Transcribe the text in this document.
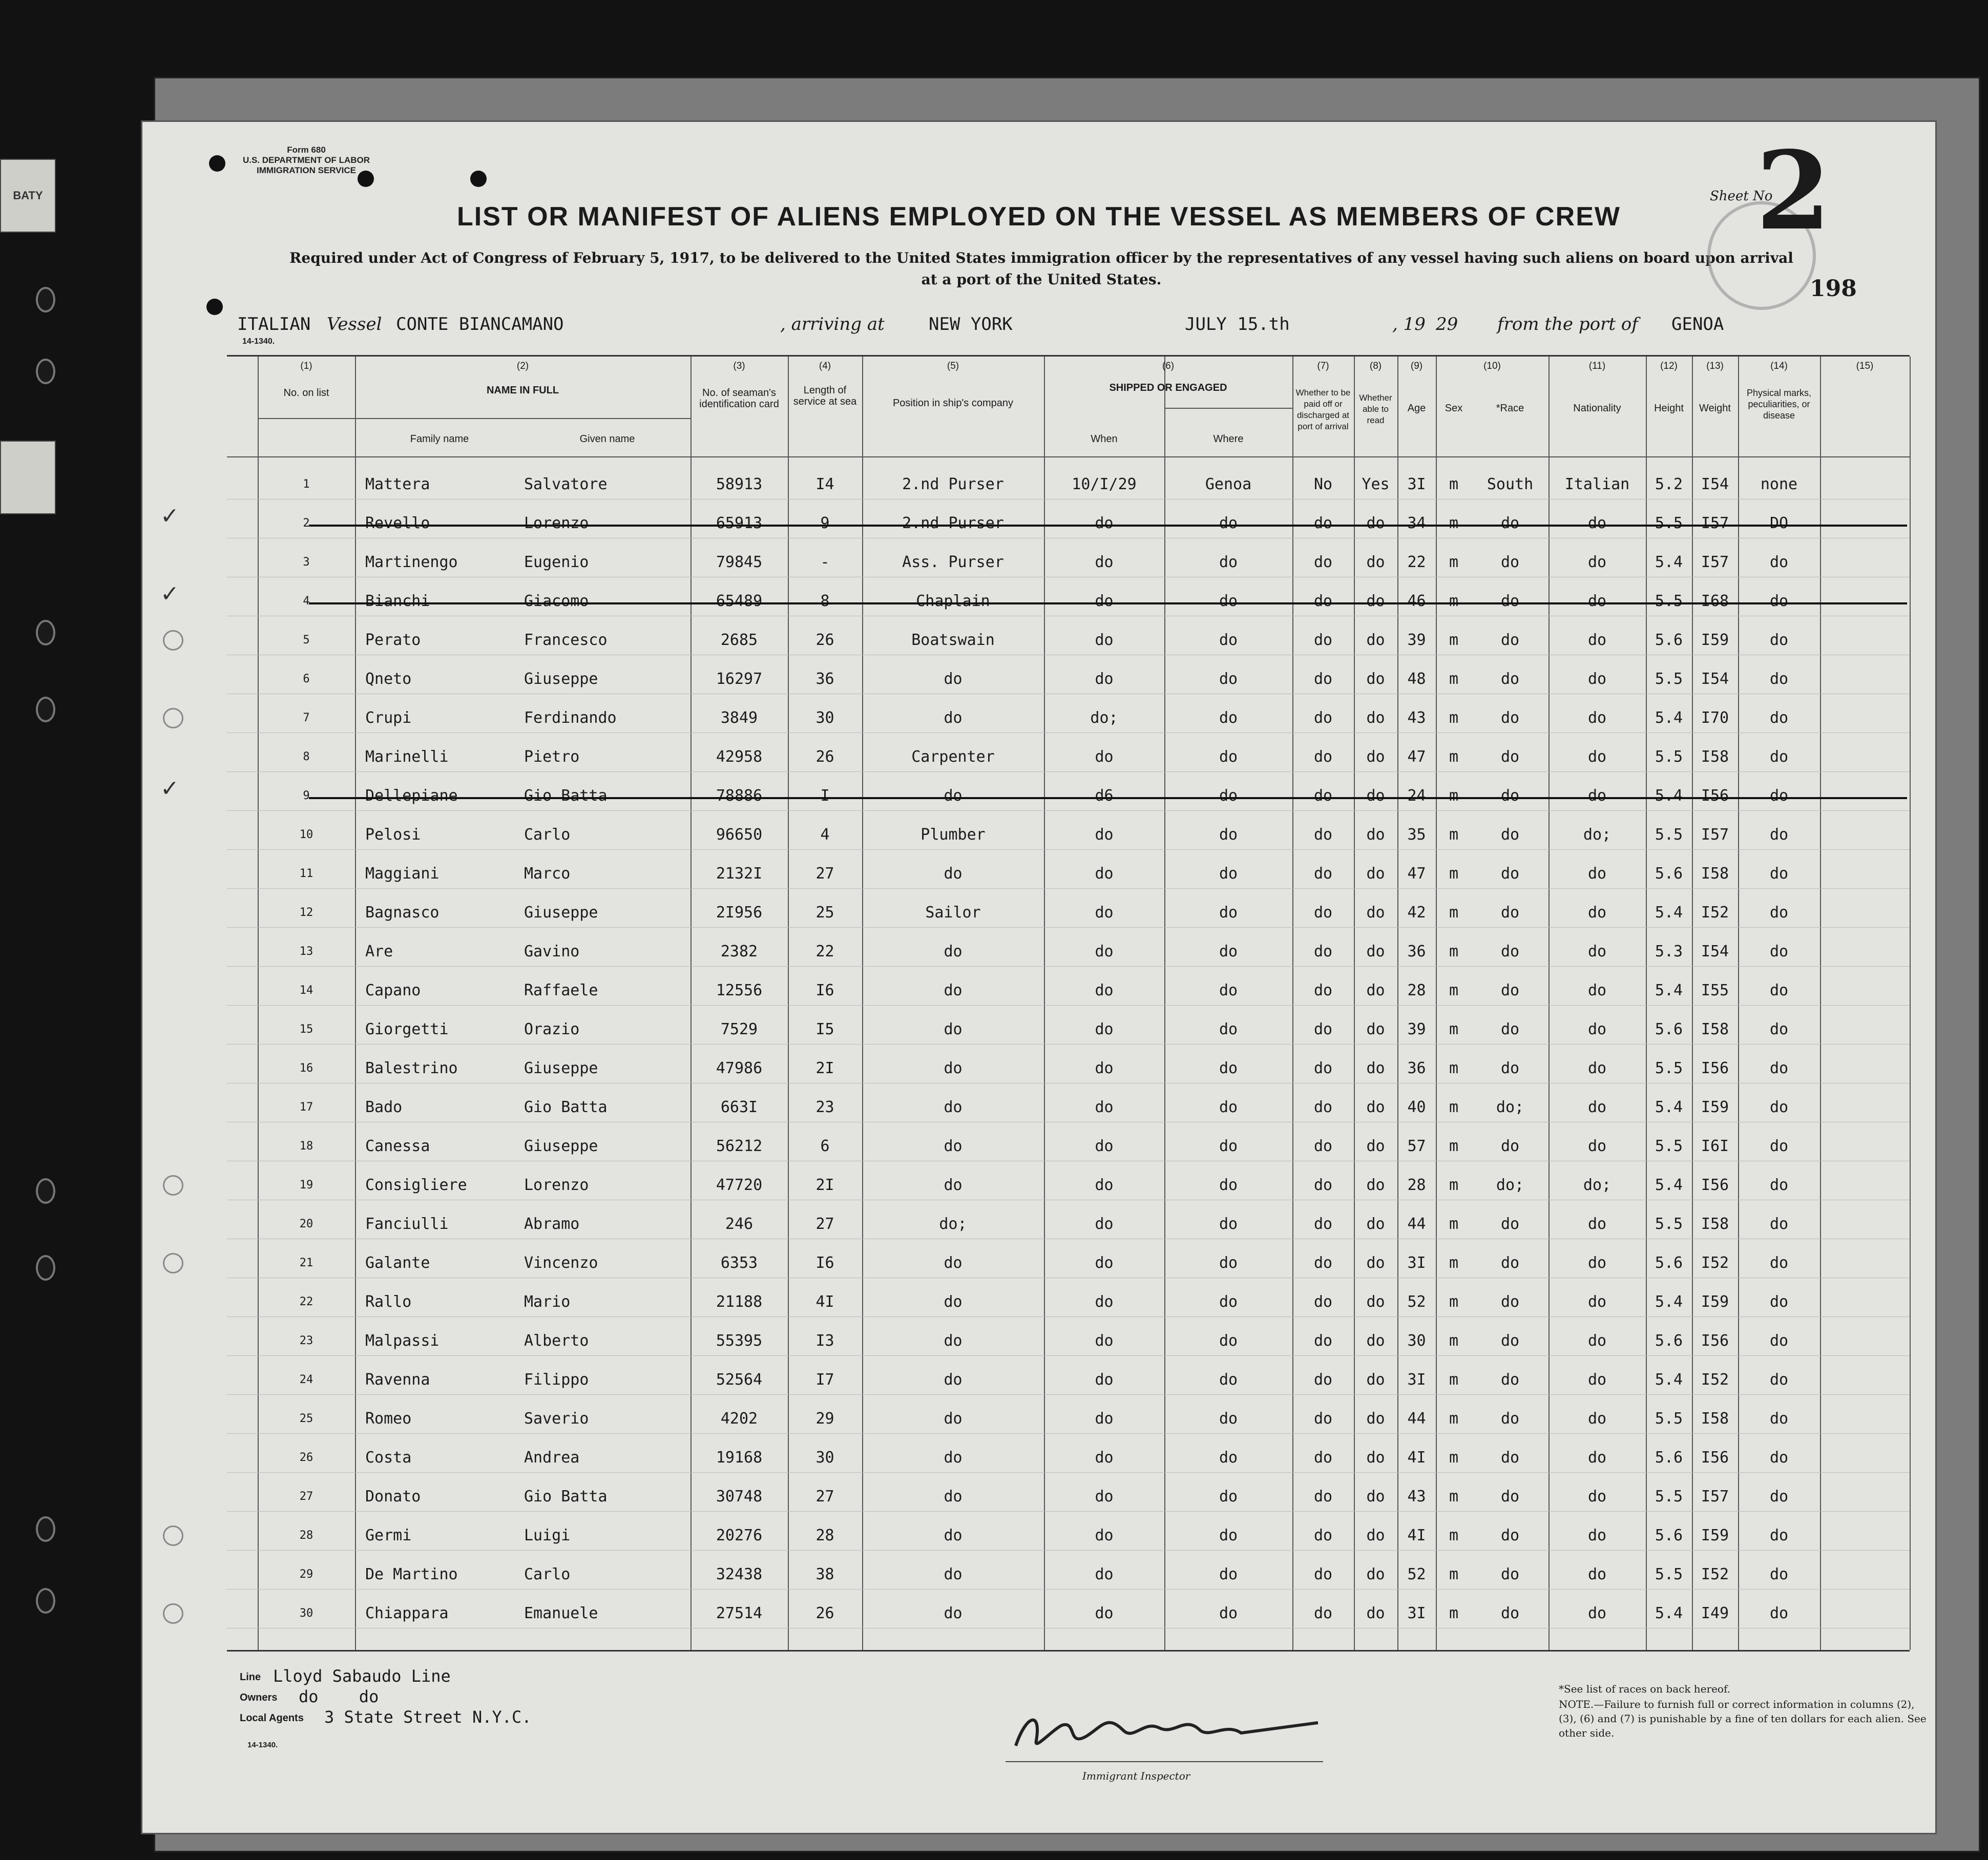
BATY
Form 680
U.S. DEPARTMENT OF LABOR
IMMIGRATION SERVICE
LIST OR MANIFEST OF ALIENS EMPLOYED ON THE VESSEL AS MEMBERS OF CREW
Required under Act of Congress of February 5, 1917, to be delivered to the United States immigration officer by the representatives of any vessel having such aliens on board upon arrival at a port of the United States.
Sheet No
2
198
ITALIAN Vessel CONTE BIANCAMANO	, arriving at	NEW YORK	JULY 15.th	, 19 29 from the port of GENOA
14-1340.
(1)	(2)	(3)	(4)	(5)	(6)	(7)	(8)	(9)	(10)	(11)	(12)	(13)	(14)	(15)
No. on list	NAME IN FULL
Family name	Given name
No. of seaman's identification card
Length of service at sea	Position in ship's company
SHIPPED OR ENGAGED
When	Where
Whether to be paid off or discharged at port of arrival
Whether able to read
Age	Sex	*Race	Nationality	Height	Weight
Physical marks, peculiarities, or disease
1	Mattera	Salvatore	58913	I4	2.nd Purser	10/I/29	Genoa	No	Yes	3I	m	South	Italian	5.2	I54	none
2	Revello	Lorenzo	65913	9	2.nd Purser	do	do	do	do	34	m	do	do	5.5	I57	DO
✓
3	Martinengo	Eugenio	79845	-	Ass. Purser	do	do	do	do	22	m	do	do	5.4	I57	do
4	Bianchi	Giacomo	65489	8	Chaplain	do	do	do	do	46	m	do	do	5.5	I68	do
✓
5	Perato	Francesco	2685	26	Boatswain	do	do	do	do	39	m	do	do	5.6	I59	do
6	Qneto	Giuseppe	16297	36	do	do	do	do	do	48	m	do	do	5.5	I54	do
7	Crupi	Ferdinando	3849	30	do	do;	do	do	do	43	m	do	do	5.4	I70	do
8	Marinelli	Pietro	42958	26	Carpenter	do	do	do	do	47	m	do	do	5.5	I58	do
9	Dellepiane	Gio Batta	78886	I	do	d6	do	do	do	24	m	do	do	5.4	I56	do
✓
10	Pelosi	Carlo	96650	4	Plumber	do	do	do	do	35	m	do	do;	5.5	I57	do
11	Maggiani	Marco	2132I	27	do	do	do	do	do	47	m	do	do	5.6	I58	do
12	Bagnasco	Giuseppe	2I956	25	Sailor	do	do	do	do	42	m	do	do	5.4	I52	do
13	Are	Gavino	2382	22	do	do	do	do	do	36	m	do	do	5.3	I54	do
14	Capano	Raffaele	12556	I6	do	do	do	do	do	28	m	do	do	5.4	I55	do
15	Giorgetti	Orazio	7529	I5	do	do	do	do	do	39	m	do	do	5.6	I58	do
16	Balestrino	Giuseppe	47986	2I	do	do	do	do	do	36	m	do	do	5.5	I56	do
17	Bado	Gio Batta	663I	23	do	do	do	do	do	40	m	do;	do	5.4	I59	do
18	Canessa	Giuseppe	56212	6	do	do	do	do	do	57	m	do	do	5.5	I6I	do
19	Consigliere	Lorenzo	47720	2I	do	do	do	do	do	28	m	do;	do;	5.4	I56	do
20	Fanciulli	Abramo	246	27	do;	do	do	do	do	44	m	do	do	5.5	I58	do
21	Galante	Vincenzo	6353	I6	do	do	do	do	do	3I	m	do	do	5.6	I52	do
22	Rallo	Mario	21188	4I	do	do	do	do	do	52	m	do	do	5.4	I59	do
23	Malpassi	Alberto	55395	I3	do	do	do	do	do	30	m	do	do	5.6	I56	do
24	Ravenna	Filippo	52564	I7	do	do	do	do	do	3I	m	do	do	5.4	I52	do
25	Romeo	Saverio	4202	29	do	do	do	do	do	44	m	do	do	5.5	I58	do
26	Costa	Andrea	19168	30	do	do	do	do	do	4I	m	do	do	5.6	I56	do
27	Donato	Gio Batta	30748	27	do	do	do	do	do	43	m	do	do	5.5	I57	do
28	Germi	Luigi	20276	28	do	do	do	do	do	4I	m	do	do	5.6	I59	do
29	De Martino	Carlo	32438	38	do	do	do	do	do	52	m	do	do	5.5	I52	do
30	Chiappara	Emanuele	27514	26	do	do	do	do	do	3I	m	do	do	5.4	I49	do
Line Lloyd Sabaudo Line
Owners do do
Local Agents 3 State Street N.Y.C.
14-1340.
Immigrant Inspector
*See list of races on back hereof.
NOTE.—Failure to furnish full or correct information in columns (2), (3), (6) and (7) is punishable by a fine of ten dollars for each alien. See other side.
